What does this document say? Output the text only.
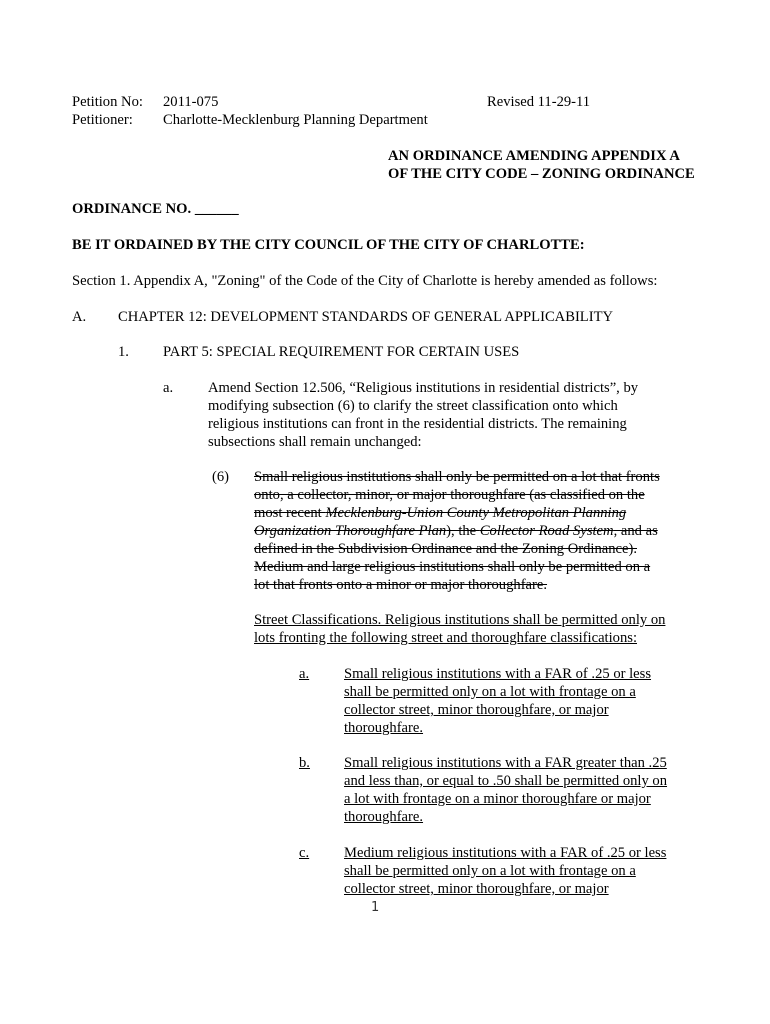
Petition No: 2011-075	Revised 11-29-11
Petitioner: Charlotte-Mecklenburg Planning Department
AN ORDINANCE AMENDING APPENDIX A
OF THE CITY CODE – ZONING ORDINANCE
ORDINANCE NO. ______
BE IT ORDAINED BY THE CITY COUNCIL OF THE CITY OF CHARLOTTE:
Section 1. Appendix A, "Zoning" of the Code of the City of Charlotte is hereby amended as follows:
A. CHAPTER 12: DEVELOPMENT STANDARDS OF GENERAL APPLICABILITY
1. PART 5: SPECIAL REQUIREMENT FOR CERTAIN USES
a. Amend Section 12.506, “Religious institutions in residential districts”, by
modifying subsection (6) to clarify the street classification onto which
religious institutions can front in the residential districts. The remaining
subsections shall remain unchanged:
(6) Small religious institutions shall only be permitted on a lot that fronts
onto, a collector, minor, or major thoroughfare (as classified on the
most recent Mecklenburg-Union County Metropolitan Planning
Organization Thoroughfare Plan), the Collector Road System, and as
defined in the Subdivision Ordinance and the Zoning Ordinance).
Medium and large religious institutions shall only be permitted on a
lot that fronts onto a minor or major thoroughfare.
Street Classifications. Religious institutions shall be permitted only on
lots fronting the following street and thoroughfare classifications:
a. Small religious institutions with a FAR of .25 or less
shall be permitted only on a lot with frontage on a
collector street, minor thoroughfare, or major
thoroughfare.
b. Small religious institutions with a FAR greater than .25
and less than, or equal to .50 shall be permitted only on
a lot with frontage on a minor thoroughfare or major
thoroughfare.
c. Medium religious institutions with a FAR of .25 or less
shall be permitted only on a lot with frontage on a
collector street, minor thoroughfare, or major
1
